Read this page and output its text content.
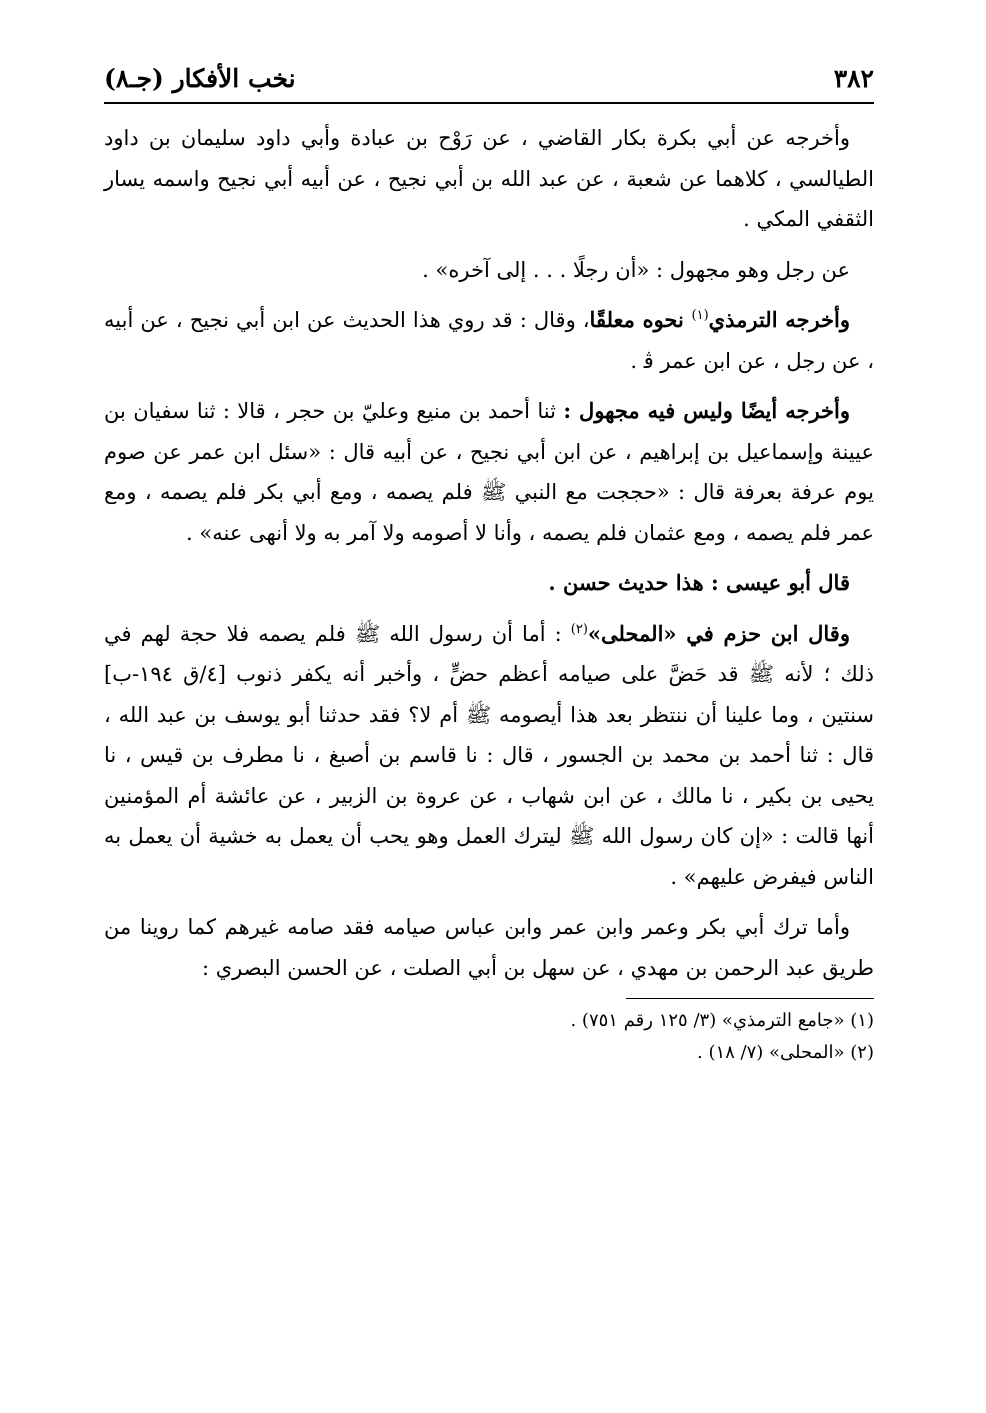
٣٨٢
نخب الأفكار (جـ٨)

وأخرجه عن أبي بكرة بكار القاضي ، عن رَوْح بن عبادة وأبي داود سليمان بن داود الطيالسي ، كلاهما عن شعبة ، عن عبد الله بن أبي نجيح ، عن أبيه أبي نجيح واسمه يسار الثقفي المكي .

عن رجل وهو مجهول : «أن رجلًا . . . إلى آخره» .

وأخرجه الترمذي$^{(١)}$ نحوه معلقًا، وقال : قد روي هذا الحديث عن ابن أبي نجيح ، عن أبيه ، عن رجل ، عن ابن عمر ﭬ .

وأخرجه أيضًا وليس فيه مجهول : ثنا أحمد بن منيع وعليّ بن حجر ، قالا : ثنا سفيان بن عيينة وإسماعيل بن إبراهيم ، عن ابن أبي نجيح ، عن أبيه قال : «سئل ابن عمر عن صوم يوم عرفة بعرفة قال : «حججت مع النبي ﷺ فلم يصمه ، ومع أبي بكر فلم يصمه ، ومع عمر فلم يصمه ، ومع عثمان فلم يصمه ، وأنا لا أصومه ولا آمر به ولا أنهى عنه» .

قال أبو عيسى : هذا حديث حسن .

وقال ابن حزم في «المحلى»$^{(٢)}$ : أما أن رسول الله ﷺ فلم يصمه فلا حجة لهم في ذلك ؛ لأنه ﷺ قد حَضَّ على صيامه أعظم حضٍّ ، وأخبر أنه يكفر ذنوب [٤/ق ١٩٤-ب] سنتين ، وما علينا أن ننتظر بعد هذا أيصومه ﷺ أم لا؟ فقد حدثنا أبو يوسف بن عبد الله ، قال : ثنا أحمد بن محمد بن الجسور ، قال : نا قاسم بن أصبغ ، نا مطرف بن قيس ، نا يحيى بن بكير ، نا مالك ، عن ابن شهاب ، عن عروة بن الزبير ، عن عائشة أم المؤمنين أنها قالت : «إن كان رسول الله ﷺ ليترك العمل وهو يحب أن يعمل به خشية أن يعمل به الناس فيفرض عليهم» .

وأما ترك أبي بكر وعمر وابن عمر وابن عباس صيامه فقد صامه غيرهم كما روينا من طريق عبد الرحمن بن مهدي ، عن سهل بن أبي الصلت ، عن الحسن البصري :

(١) «جامع الترمذي» (٣/ ١٢٥ رقم ٧٥١) .
(٢) «المحلى» (٧/ ١٨) .
